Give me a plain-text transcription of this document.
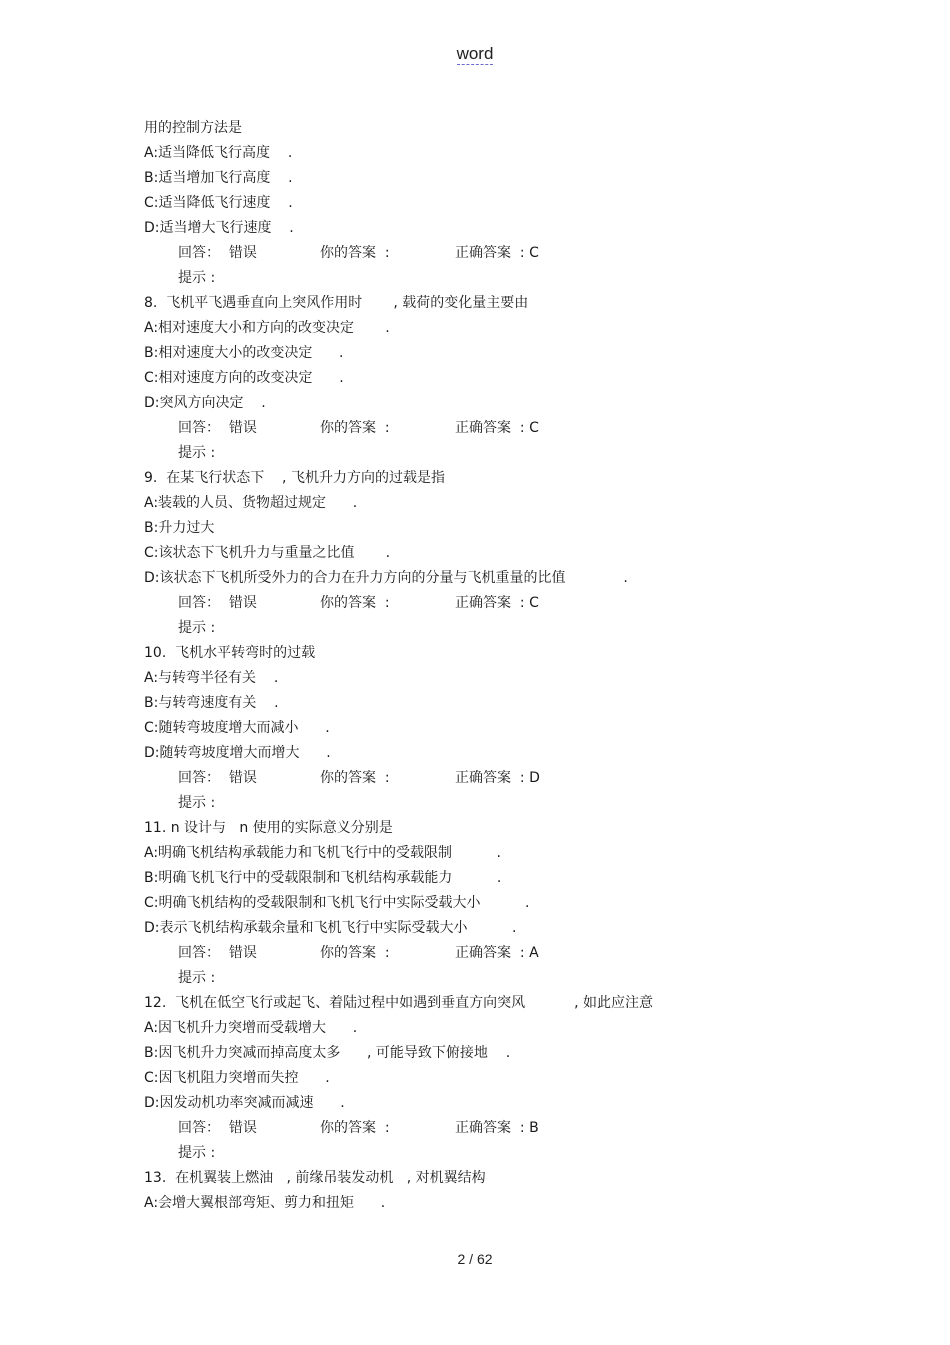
word
用的控制方法是
A:适当降低飞行高度    .
B:适当增加飞行高度    .
C:适当降低飞行速度    .
D:适当增大飞行速度    .
回答：  错误	你的答案  :	正确答案  : C
提示 :
8.  飞机平飞遇垂直向上突风作用时       , 载荷的变化量主要由
A:相对速度大小和方向的改变决定       .
B:相对速度大小的改变决定      .
C:相对速度方向的改变决定      .
D:突风方向决定    .
回答：  错误	你的答案  :	正确答案  : C
提示 :
9.  在某飞行状态下    , 飞机升力方向的过载是指
A:装载的人员、货物超过规定      .
B:升力过大
C:该状态下飞机升力与重量之比值       .
D:该状态下飞机所受外力的合力在升力方向的分量与飞机重量的比值             .
回答：  错误	你的答案  :	正确答案  : C
提示 :
10.  飞机水平转弯时的过载
A:与转弯半径有关    .
B:与转弯速度有关    .
C:随转弯坡度增大而减小      .
D:随转弯坡度增大而增大      .
回答：  错误	你的答案  :	正确答案  : D
提示 :
11. n 设计与   n 使用的实际意义分别是
A:明确飞机结构承载能力和飞机飞行中的受载限制          .
B:明确飞机飞行中的受载限制和飞机结构承载能力          .
C:明确飞机结构的受载限制和飞机飞行中实际受载大小          .
D:表示飞机结构承载余量和飞机飞行中实际受载大小          .
回答：  错误	你的答案  :	正确答案  : A
提示 :
12.  飞机在低空飞行或起飞、着陆过程中如遇到垂直方向突风           , 如此应注意
A:因飞机升力突增而受载增大      .
B:因飞机升力突减而掉高度太多      , 可能导致下俯接地    .
C:因飞机阻力突增而失控      .
D:因发动机功率突减而减速      .
回答：  错误	你的答案  :	正确答案  : B
提示 :
13.  在机翼装上燃油   , 前缘吊装发动机   , 对机翼结构
A:会增大翼根部弯矩、剪力和扭矩      .
2 / 62
